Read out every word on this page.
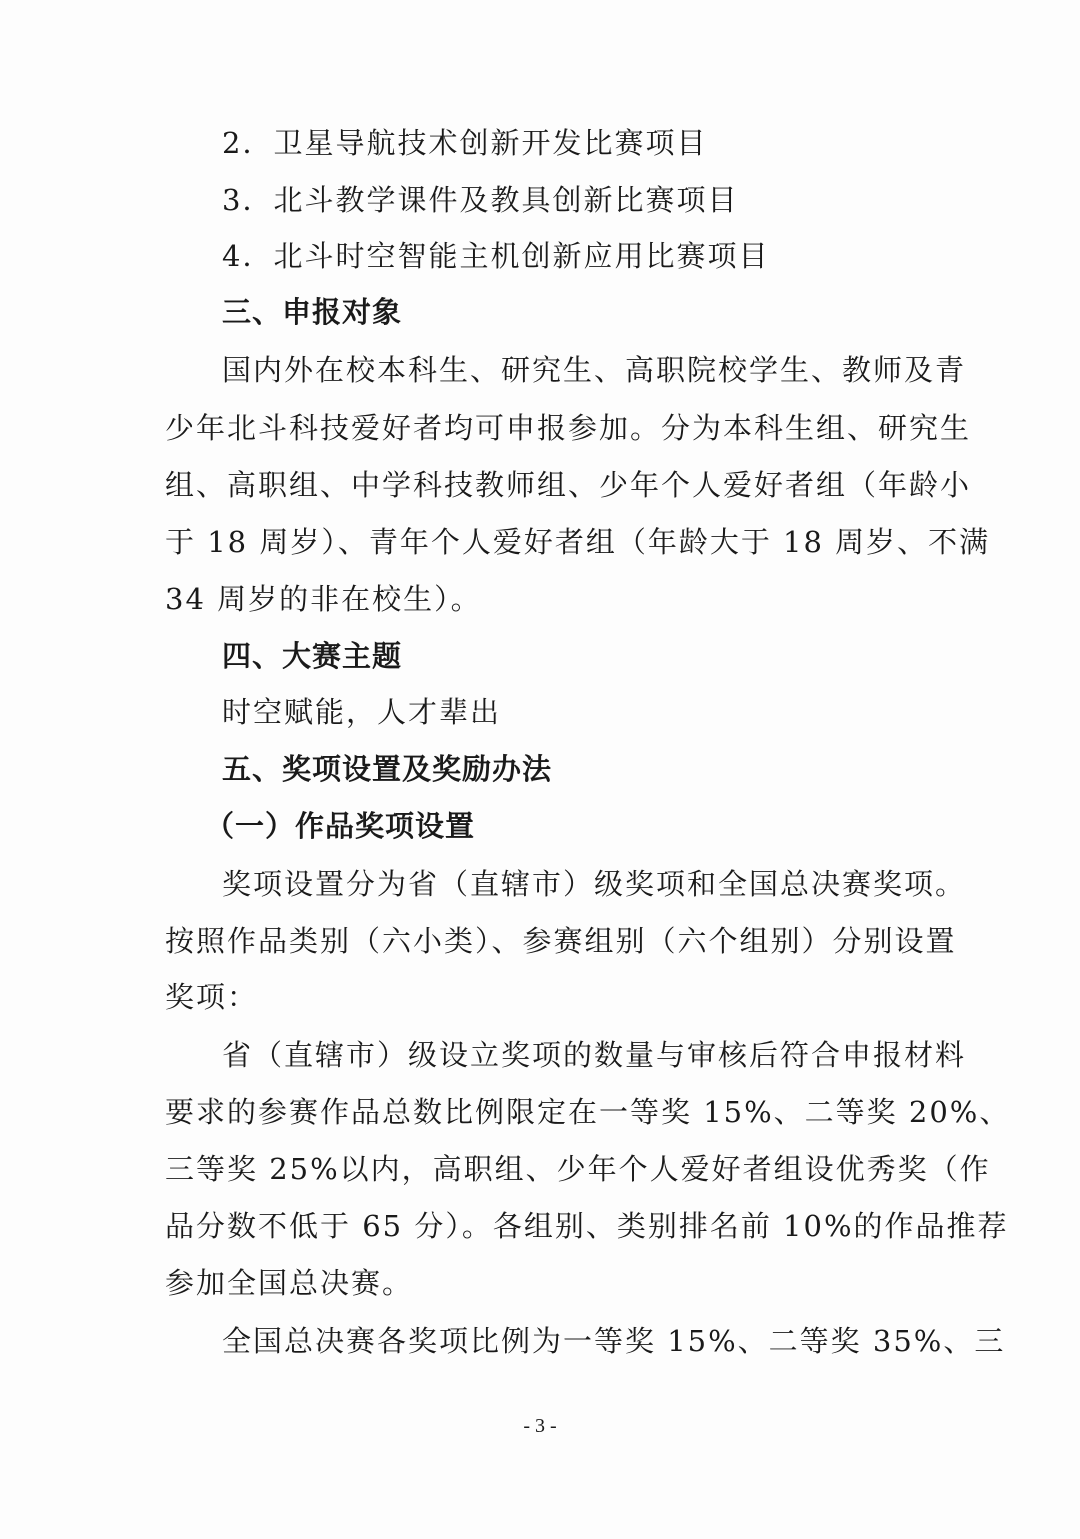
2．卫星导航技术创新开发比赛项目
3．北斗教学课件及教具创新比赛项目
4．北斗时空智能主机创新应用比赛项目
三、申报对象
国内外在校本科生、研究生、高职院校学生、教师及青
少年北斗科技爱好者均可申报参加。分为本科生组、研究生
组、高职组、中学科技教师组、少年个人爱好者组（年龄小
于 18 周岁）、青年个人爱好者组（年龄大于 18 周岁、不满
34 周岁的非在校生）。
四、大赛主题
时空赋能，人才辈出
五、奖项设置及奖励办法
（一）作品奖项设置
奖项设置分为省（直辖市）级奖项和全国总决赛奖项。
按照作品类别（六小类）、参赛组别（六个组别）分别设置
奖项：
省（直辖市）级设立奖项的数量与审核后符合申报材料
要求的参赛作品总数比例限定在一等奖 15%、二等奖 20%、
三等奖 25%以内，高职组、少年个人爱好者组设优秀奖（作
品分数不低于 65 分）。各组别、类别排名前 10%的作品推荐
参加全国总决赛。
全国总决赛各奖项比例为一等奖 15%、二等奖 35%、三
- 3 -
